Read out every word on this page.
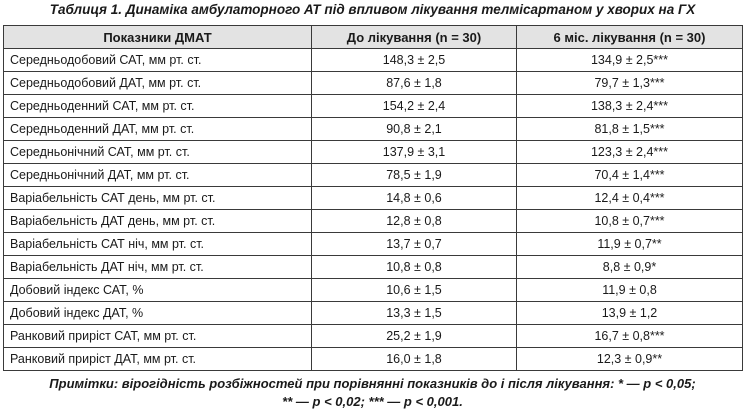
Таблиця 1. Динаміка амбулаторного АТ під впливом лікування телмісартаном у хворих на ГХ
Показники ДМАТ	До лікування (n = 30)	6 міс. лікування (n = 30)
Середньодобовий САТ, мм рт. ст.	148,3 ± 2,5	134,9 ± 2,5***
Середньодобовий ДАТ, мм рт. ст.	87,6 ± 1,8	79,7 ± 1,3***
Середньоденний САТ, мм рт. ст.	154,2 ± 2,4	138,3 ± 2,4***
Середньоденний ДАТ, мм рт. ст.	90,8 ± 2,1	81,8 ± 1,5***
Середньонічний САТ, мм рт. ст.	137,9 ± 3,1	123,3 ± 2,4***
Середньонічний ДАТ, мм рт. ст.	78,5 ± 1,9	70,4 ± 1,4***
Варіабельність САТ день, мм рт. ст.	14,8 ± 0,6	12,4 ± 0,4***
Варіабельність ДАТ день, мм рт. ст.	12,8 ± 0,8	10,8 ± 0,7***
Варіабельність САТ ніч, мм рт. ст.	13,7 ± 0,7	11,9 ± 0,7**
Варіабельність ДАТ ніч, мм рт. ст.	10,8 ± 0,8	8,8 ± 0,9*
Добовий індекс САТ, %	10,6 ± 1,5	11,9 ± 0,8
Добовий індекс ДАТ, %	13,3 ± 1,5	13,9 ± 1,2
Ранковий приріст САТ, мм рт. ст.	25,2 ± 1,9	16,7 ± 0,8***
Ранковий приріст ДАТ, мм рт. ст.	16,0 ± 1,8	12,3 ± 0,9**
Примітки: вірогідність розбіжностей при порівнянні показників до і після лікування: * — p < 0,05;
** — p < 0,02; *** — p < 0,001.
